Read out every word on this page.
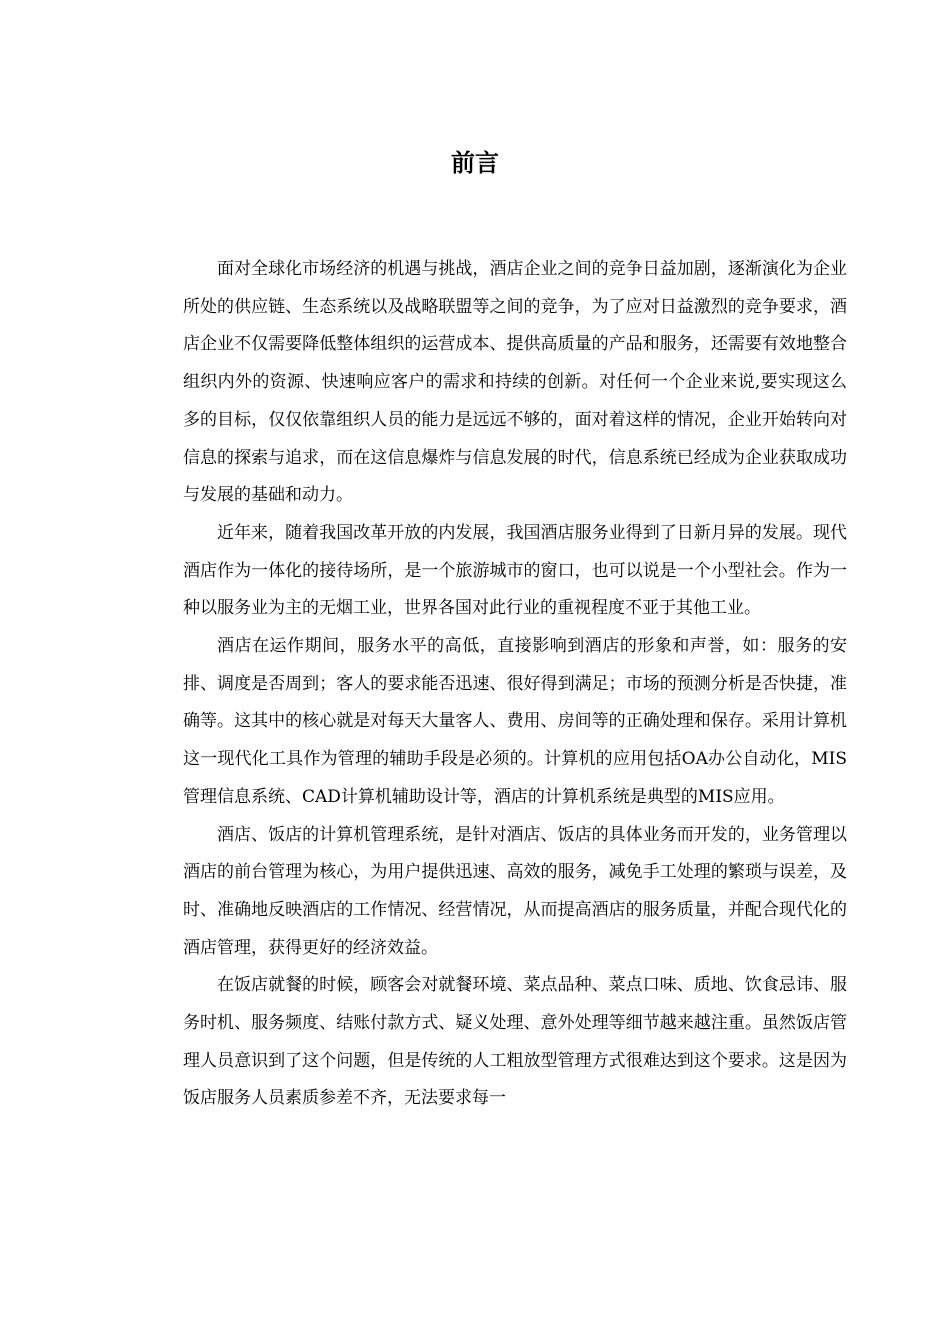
前言

面对全球化市场经济的机遇与挑战，酒店企业之间的竞争日益加剧，逐渐演化为企业所处的供应链、生态系统以及战略联盟等之间的竞争，为了应对日益激烈的竞争要求，酒店企业不仅需要降低整体组织的运营成本、提供高质量的产品和服务，还需要有效地整合组织内外的资源、快速响应客户的需求和持续的创新。对任何一个企业来说,要实现这么多的目标，仅仅依靠组织人员的能力是远远不够的，面对着这样的情况，企业开始转向对信息的探索与追求，而在这信息爆炸与信息发展的时代，信息系统已经成为企业获取成功与发展的基础和动力。

近年来，随着我国改革开放的内发展，我国酒店服务业得到了日新月异的发展。现代酒店作为一体化的接待场所，是一个旅游城市的窗口，也可以说是一个小型社会。作为一种以服务业为主的无烟工业，世界各国对此行业的重视程度不亚于其他工业。

酒店在运作期间，服务水平的高低，直接影响到酒店的形象和声誉，如：服务的安排、调度是否周到；客人的要求能否迅速、很好得到满足；市场的预测分析是否快捷，准确等。这其中的核心就是对每天大量客人、费用、房间等的正确处理和保存。采用计算机这一现代化工具作为管理的辅助手段是必须的。计算机的应用包括OA办公自动化，MIS管理信息系统、CAD计算机辅助设计等，酒店的计算机系统是典型的MIS应用。

酒店、饭店的计算机管理系统，是针对酒店、饭店的具体业务而开发的，业务管理以酒店的前台管理为核心，为用户提供迅速、高效的服务，减免手工处理的繁琐与误差，及时、准确地反映酒店的工作情况、经营情况，从而提高酒店的服务质量，并配合现代化的酒店管理，获得更好的经济效益。

在饭店就餐的时候，顾客会对就餐环境、菜点品种、菜点口味、质地、饮食忌讳、服务时机、服务频度、结账付款方式、疑义处理、意外处理等细节越来越注重。虽然饭店管理人员意识到了这个问题，但是传统的人工粗放型管理方式很难达到这个要求。这是因为饭店服务人员素质参差不齐，无法要求每一
